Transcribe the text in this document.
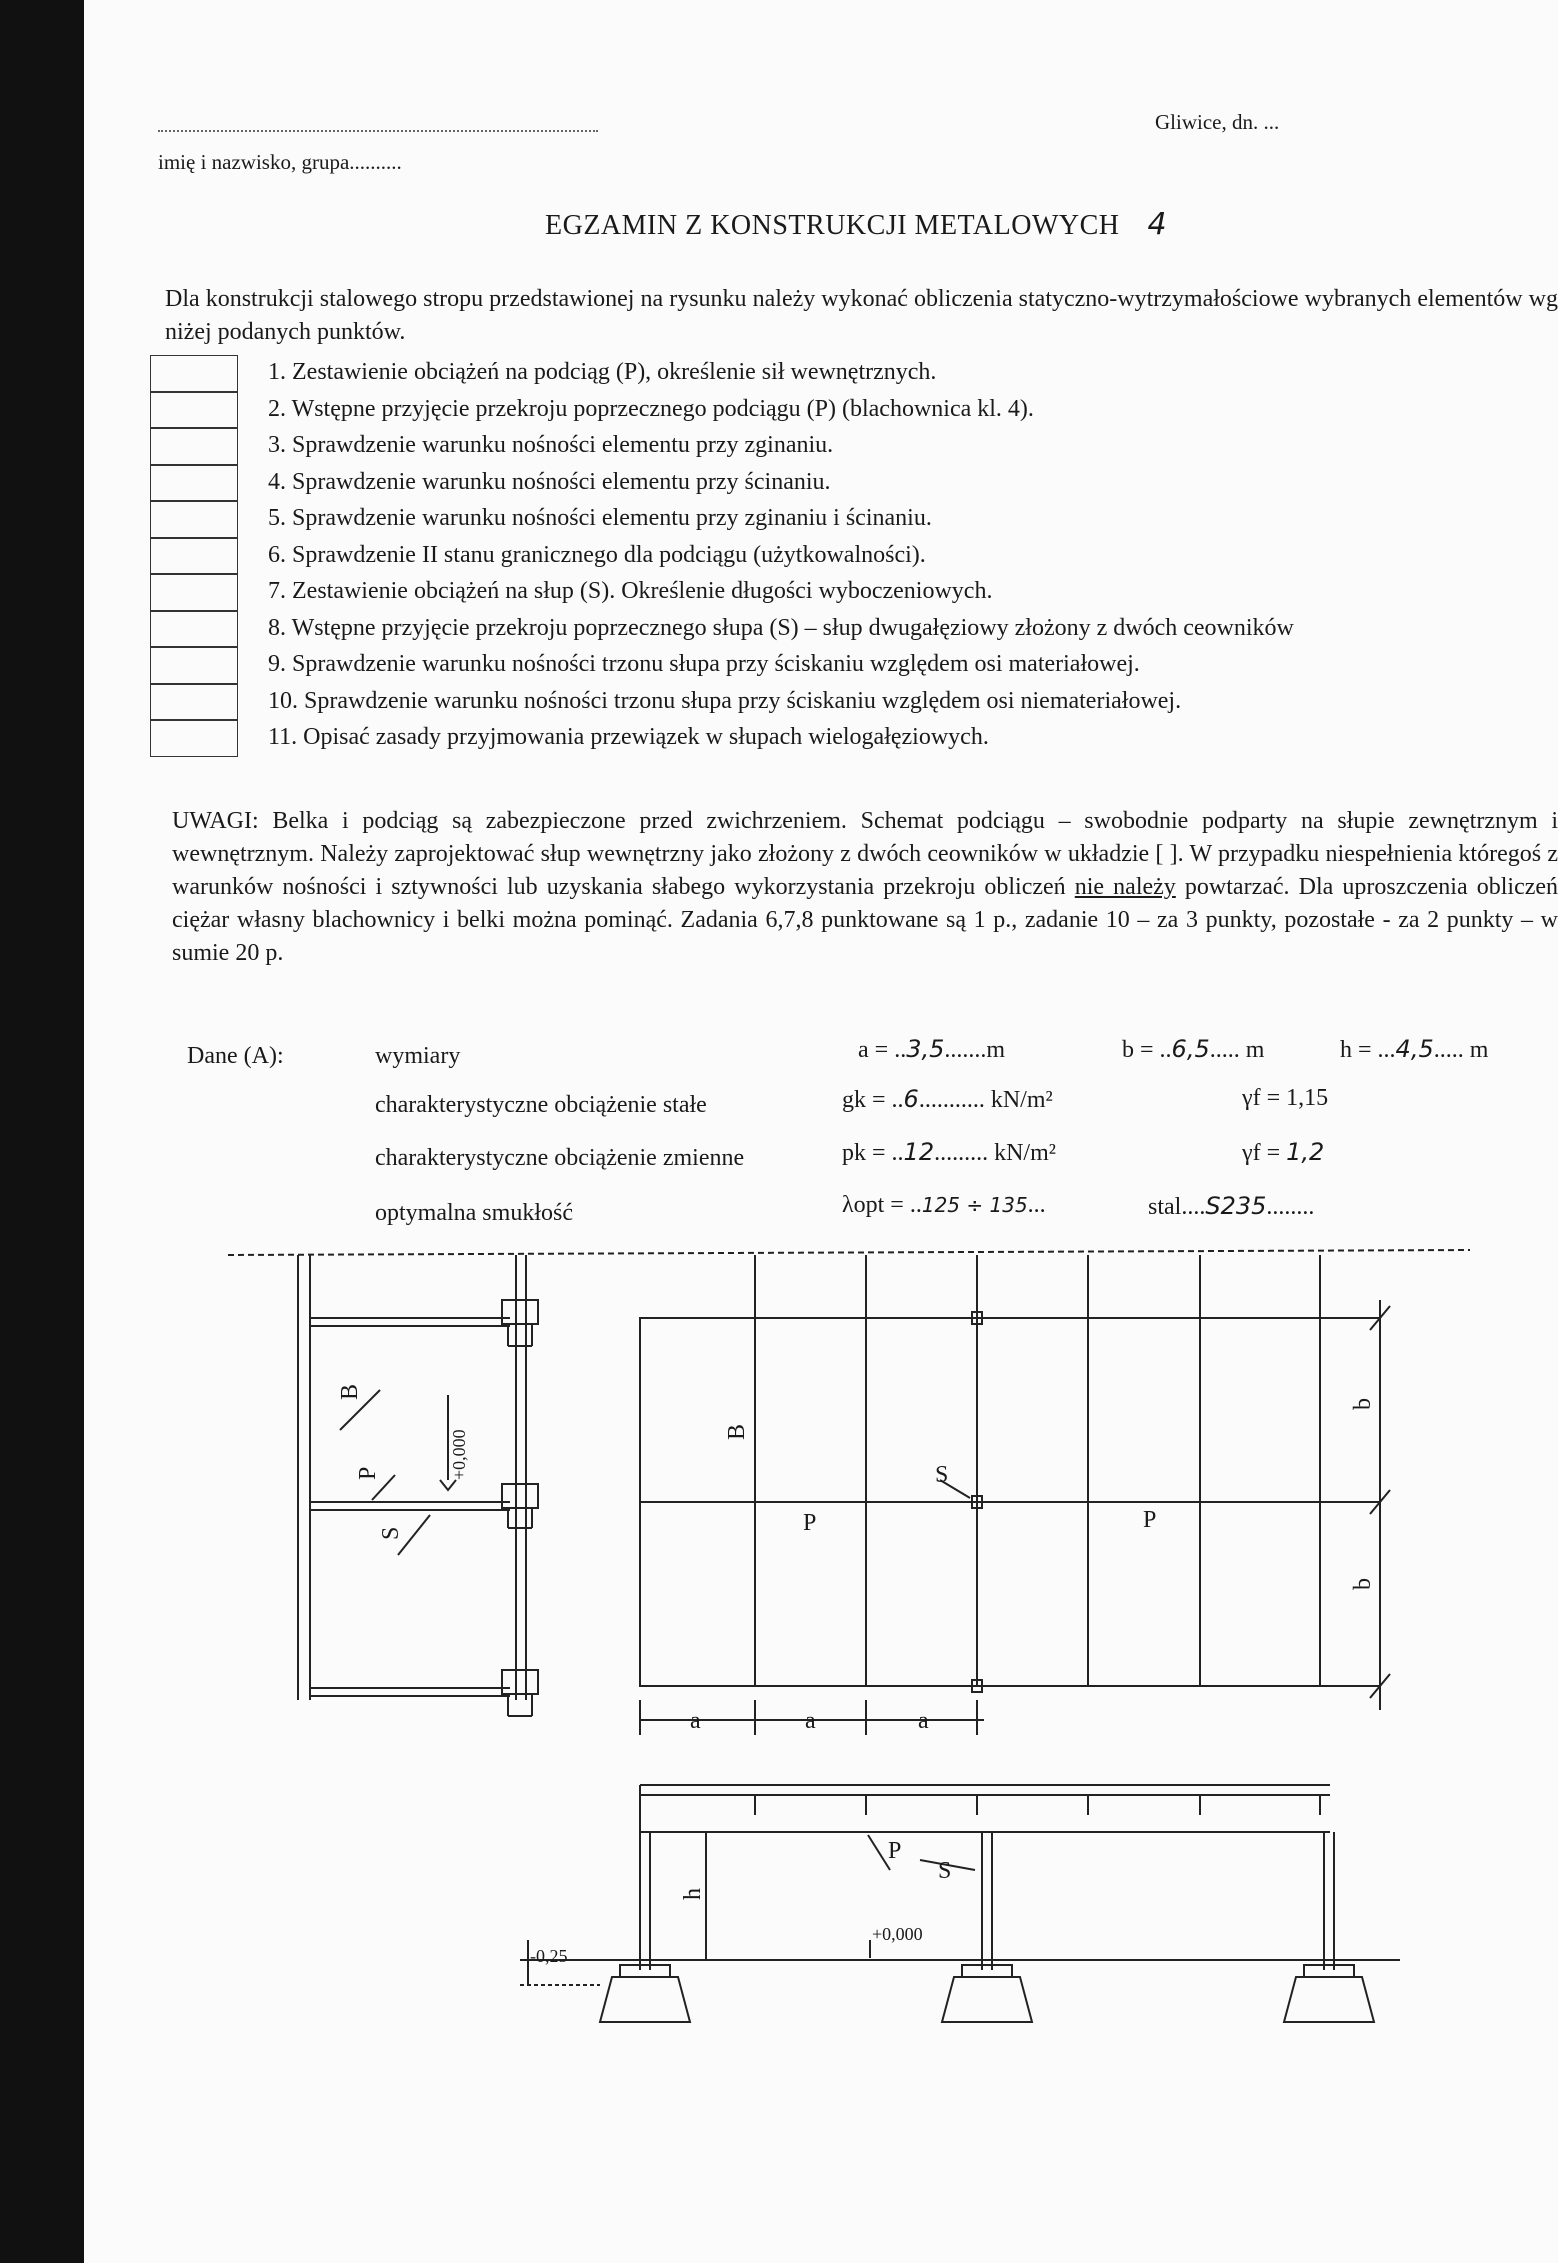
imię i nazwisko, grupa..........
Gliwice, dn. ...
EGZAMIN Z KONSTRUKCJI METALOWYCH 4
Dla konstrukcji stalowego stropu przedstawionej na rysunku należy wykonać obliczenia statyczno-wytrzymałościowe wybranych elementów wg niżej podanych punktów.
1. Zestawienie obciążeń na podciąg (P), określenie sił wewnętrznych.
2. Wstępne przyjęcie przekroju poprzecznego podciągu (P) (blachownica kl. 4).
3. Sprawdzenie warunku nośności elementu przy zginaniu.
4. Sprawdzenie warunku nośności elementu przy ścinaniu.
5. Sprawdzenie warunku nośności elementu przy zginaniu i ścinaniu.
6. Sprawdzenie II stanu granicznego dla podciągu (użytkowalności).
7. Zestawienie obciążeń na słup (S). Określenie długości wyboczeniowych.
8. Wstępne przyjęcie przekroju poprzecznego słupa (S) – słup dwugałęziowy złożony z dwóch ceowników
9. Sprawdzenie warunku nośności trzonu słupa przy ściskaniu względem osi materiałowej.
10. Sprawdzenie warunku nośności trzonu słupa przy ściskaniu względem osi niemateriałowej.
11. Opisać zasady przyjmowania przewiązek w słupach wielogałęziowych.
UWAGI: Belka i podciąg są zabezpieczone przed zwichrzeniem. Schemat podciągu – swobodnie podparty na słupie zewnętrznym i wewnętrznym. Należy zaprojektować słup wewnętrzny jako złożony z dwóch ceowników w układzie [ ]. W przypadku niespełnienia któregoś z warunków nośności i sztywności lub uzyskania słabego wykorzystania przekroju obliczeń nie należy powtarzać. Dla uproszczenia obliczeń ciężar własny blachownicy i belki można pominąć. Zadania 6,7,8 punktowane są 1 p., zadanie 10 – za 3 punkty, pozostałe - za 2 punkty – w sumie 20 p.
Dane (A):	wymiary	a = ..3,5.......m	b = ..6,5..... m	h = ...4,5..... m
charakterystyczne obciążenie stałe	gk = ..6........... kN/m²	γf = 1,15
charakterystyczne obciążenie zmienne	pk = ..12......... kN/m²	γf = 1,2
optymalna smukłość	λopt = ..125 ÷ 135...	stal....S235........
B
P
S
+0,000	B
P	P
S
b
b
a	a	a
P
S
h
+0,000
-0,25
